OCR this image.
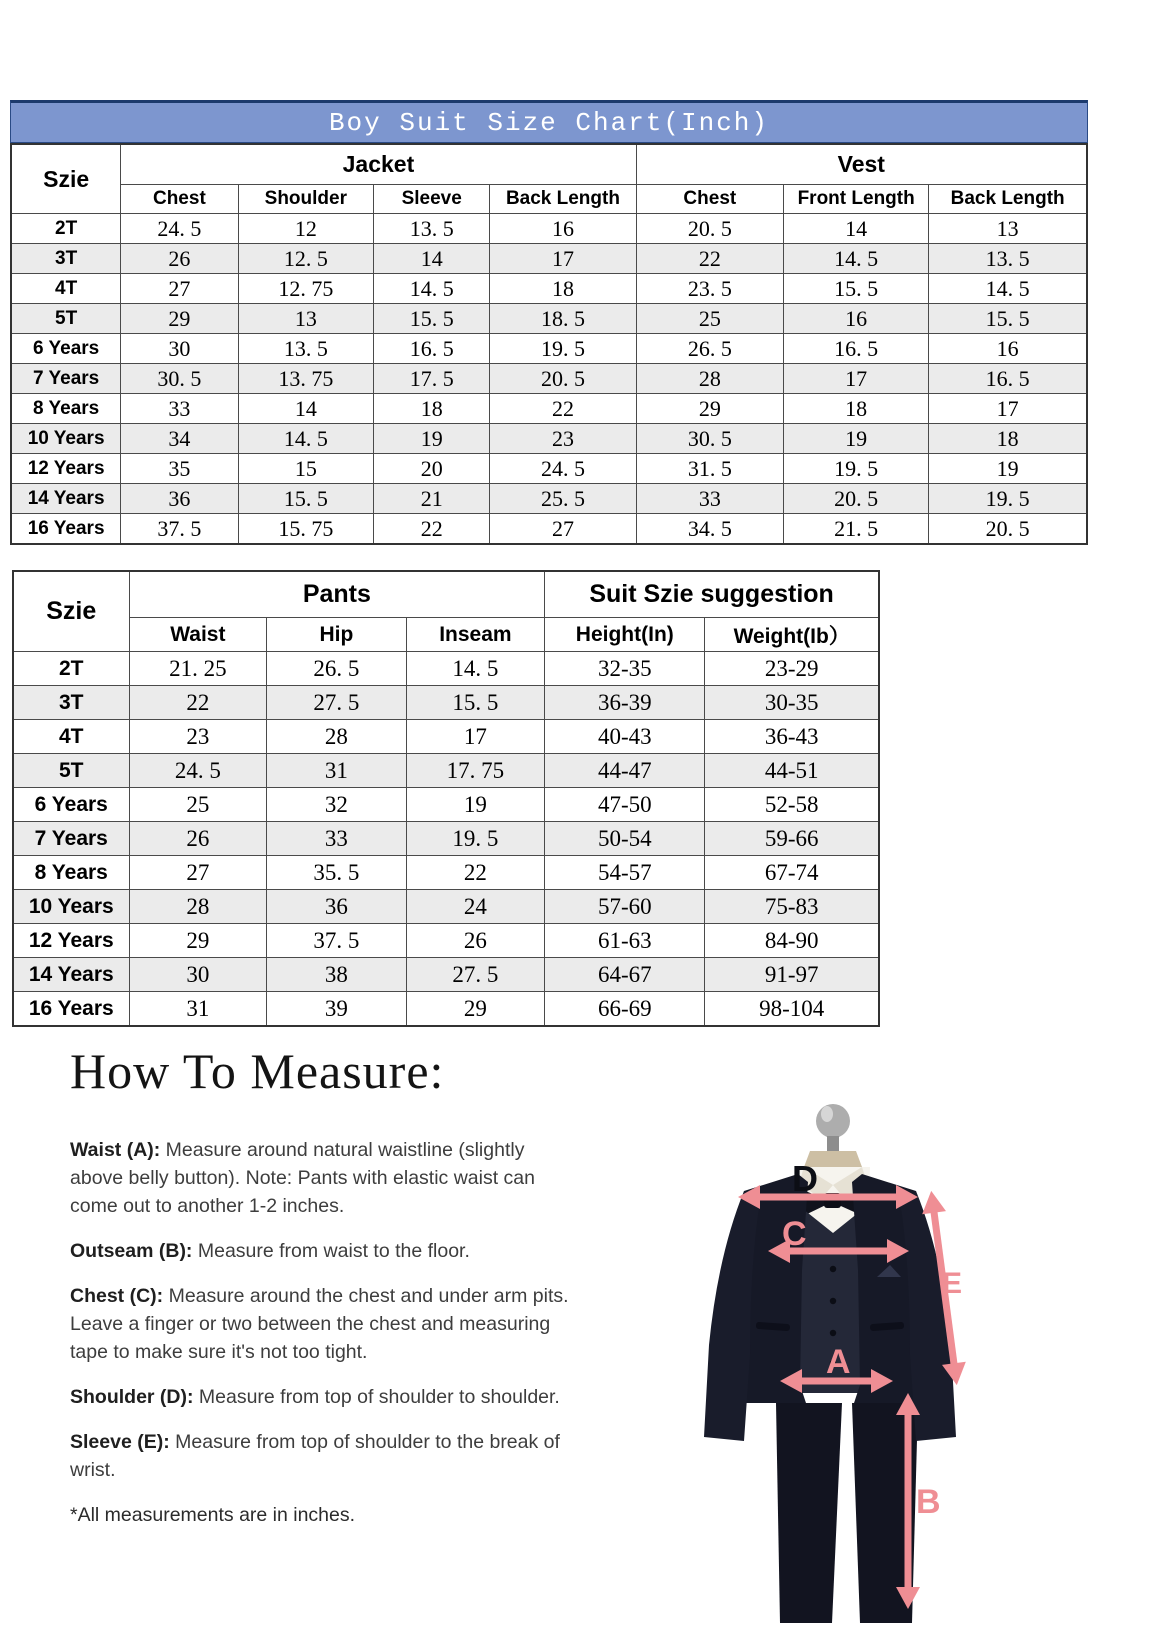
Boy Suit Size Chart(Inch)
Szie	Jacket				Vest		
	Chest	Shoulder	Sleeve	Back Length	Chest	Front Length	Back Length
2T	24. 5	12	13. 5	16	20. 5	14	13
3T	26	12. 5	14	17	22	14. 5	13. 5
4T	27	12. 75	14. 5	18	23. 5	15. 5	14. 5
5T	29	13	15. 5	18. 5	25	16	15. 5
6 Years	30	13. 5	16. 5	19. 5	26. 5	16. 5	16
7 Years	30. 5	13. 75	17. 5	20. 5	28	17	16. 5
8 Years	33	14	18	22	29	18	17
10 Years	34	14. 5	19	23	30. 5	19	18
12 Years	35	15	20	24. 5	31. 5	19. 5	19
14 Years	36	15. 5	21	25. 5	33	20. 5	19. 5
16 Years	37. 5	15. 75	22	27	34. 5	21. 5	20. 5
Szie	Pants			Suit Szie suggestion	
	Waist	Hip	Inseam	Height(In)	Weight(Ib）
2T	21. 25	26. 5	14. 5	32-35	23-29
3T	22	27. 5	15. 5	36-39	30-35
4T	23	28	17	40-43	36-43
5T	24. 5	31	17. 75	44-47	44-51
6 Years	25	32	19	47-50	52-58
7 Years	26	33	19. 5	50-54	59-66
8 Years	27	35. 5	22	54-57	67-74
10 Years	28	36	24	57-60	75-83
12 Years	29	37. 5	26	61-63	84-90
14 Years	30	38	27. 5	64-67	91-97
16 Years	31	39	29	66-69	98-104
How To Measure:

Waist (A): Measure around natural waistline (slightly above belly button). Note: Pants with elastic waist can come out to another 1-2 inches.

Outseam (B): Measure from waist to the floor.

Chest (C): Measure around the chest and under arm pits. Leave a finger or two between the chest and measuring tape to make sure it's not too tight.

Shoulder (D): Measure from top of shoulder to shoulder.

Sleeve (E): Measure from top of shoulder to the break of wrist.

*All measurements are in inches.

D
C
E
A
B
